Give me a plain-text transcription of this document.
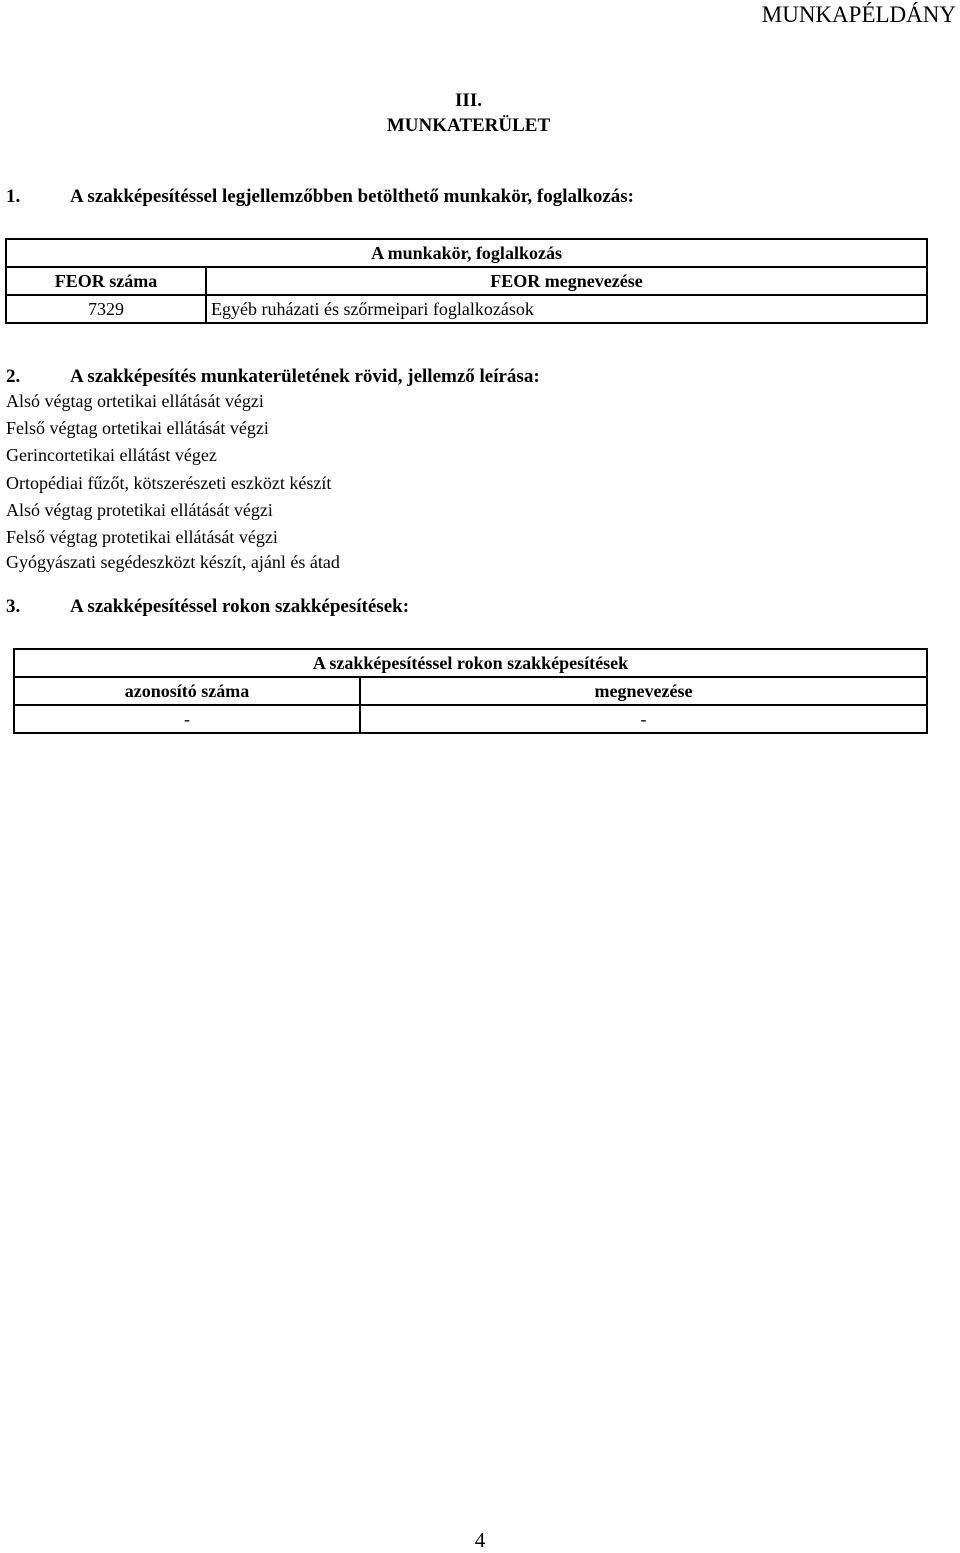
MUNKAPÉLDÁNY
III.
MUNKATERÜLET
1.	A szakképesítéssel legjellemzőbben betölthető munkakör, foglalkozás:
A munkakör, foglalkozás	
FEOR száma	FEOR megnevezése
7329	Egyéb ruházati és szőrmeipari foglalkozások
2.	A szakképesítés munkaterületének rövid, jellemző leírása:
Alsó végtag ortetikai ellátását végzi
Felső végtag ortetikai ellátását végzi
Gerincortetikai ellátást végez
Ortopédiai fűzőt, kötszerészeti eszközt készít
Alsó végtag protetikai ellátását végzi
Felső végtag protetikai ellátását végzi
Gyógyászati segédeszközt készít, ajánl és átad
3.	A szakképesítéssel rokon szakképesítések:
A szakképesítéssel rokon szakképesítések	
azonosító száma	megnevezése
-	-
4
